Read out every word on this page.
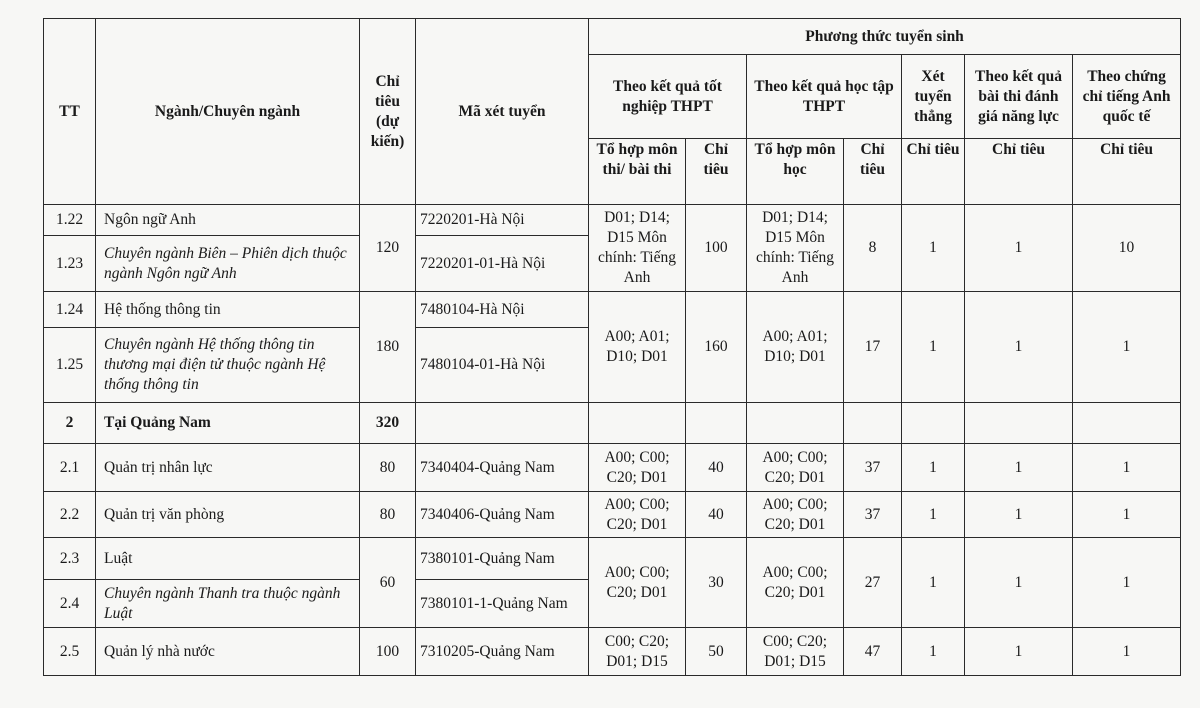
TT	Ngành/Chuyên ngành	Chỉ tiêu (dự kiến)	Mã xét tuyển	Phương thức tuyển sinh						
				Theo kết quả tốt nghiệp THPT		Theo kết quả học tập THPT		Xét tuyển thẳng	Theo kết quả bài thi đánh giá năng lực	Theo chứng chỉ tiếng Anh quốc tế
				Tổ hợp môn thi/ bài thi	Chỉ tiêu	Tổ hợp môn học	Chỉ tiêu	Chỉ tiêu	Chỉ tiêu	Chỉ tiêu
1.22	Ngôn ngữ Anh	120	7220201-Hà Nội	D01; D14; D15 Môn chính: Tiếng Anh	100	D01; D14; D15 Môn chính: Tiếng Anh	8	1	1	10
1.23	Chuyên ngành Biên – Phiên dịch thuộc ngành Ngôn ngữ Anh		7220201-01-Hà Nội							
1.24	Hệ thống thông tin	180	7480104-Hà Nội	A00; A01; D10; D01	160	A00; A01; D10; D01	17	1	1	1
1.25	Chuyên ngành Hệ thống thông tin thương mại điện tử thuộc ngành Hệ thống thông tin		7480104-01-Hà Nội							
2	Tại Quảng Nam	320								
2.1	Quản trị nhân lực	80	7340404-Quảng Nam	A00; C00; C20; D01	40	A00; C00; C20; D01	37	1	1	1
2.2	Quản trị văn phòng	80	7340406-Quảng Nam	A00; C00; C20; D01	40	A00; C00; C20; D01	37	1	1	1
2.3	Luật	60	7380101-Quảng Nam	A00; C00; C20; D01	30	A00; C00; C20; D01	27	1	1	1
2.4	Chuyên ngành Thanh tra thuộc ngành Luật		7380101-1-Quảng Nam							
2.5	Quản lý nhà nước	100	7310205-Quảng Nam	C00; C20; D01; D15	50	C00; C20; D01; D15	47	1	1	1
